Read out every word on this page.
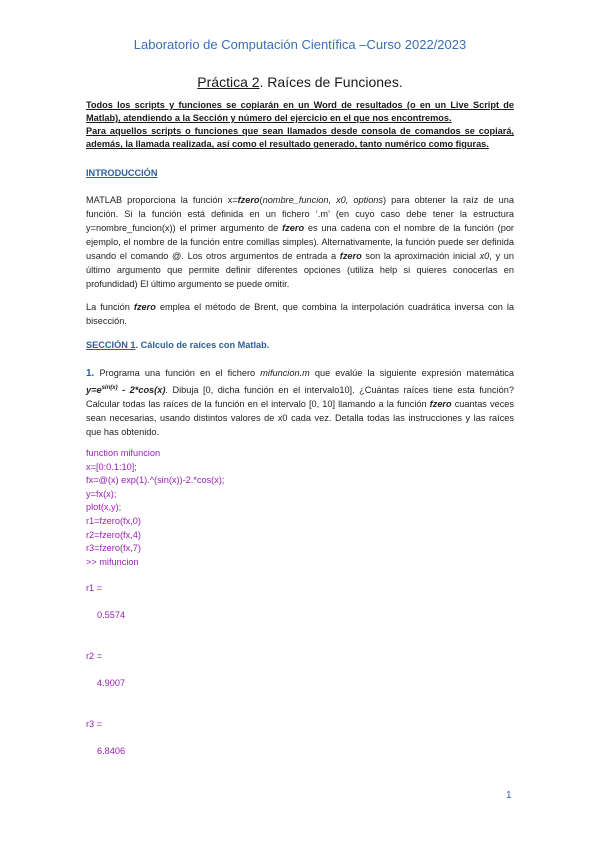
Laboratorio de Computación Científica –Curso 2022/2023
Práctica 2. Raíces de Funciones.
Todos los scripts y funciones se copiarán en un Word de resultados (o en un Live Script de Matlab), atendiendo a la Sección y número del ejercicio en el que nos encontremos.
Para aquellos scripts o funciones que sean llamados desde consola de comandos se copiará, además, la llamada realizada, así como el resultado generado, tanto numérico como figuras.
INTRODUCCIÓN
MATLAB proporciona la función x=fzero(nombre_funcion, x0, options) para obtener la raíz de una función. Si la función está definida en un fichero ‘.m’ (en cuyo caso debe tener la estructura y=nombre_funcion(x)) el primer argumento de fzero es una cadena con el nombre de la función (por ejemplo, el nombre de la función entre comillas simples). Alternativamente, la función puede ser definida usando el comando @. Los otros argumentos de entrada a fzero son la aproximación inicial x0, y un último argumento que permite definir diferentes opciones (utiliza help si quieres conocerlas en profundidad) El último argumento se puede omitir.
La función fzero emplea el método de Brent, que combina la interpolación cuadrática inversa con la bisección.
SECCIÓN 1. Cálculo de raíces con Matlab.
1. Programa una función en el fichero mifuncion.m que evalúe la siguiente expresión matemática $y=e^{sin(x)} - 2*\cos(x)$. Dibuja [0, dicha función en el intervalo10]. ¿Cuántas raíces tiene esta función? Calcular todas las raíces de la función en el intervalo [0, 10] llamando a la función fzero cuantas veces sean necesarias, usando distintos valores de x0 cada vez. Detalla todas las instrucciones y las raíces que has obtenido.
function mifuncion
x=[0:0.1:10];
fx=@(x) exp(1).^(sin(x))-2.*cos(x);
y=fx(x);
plot(x,y);
r1=fzero(fx,0)
r2=fzero(fx,4)
r3=fzero(fx,7)
>> mifuncion
r1 =
0.5574
r2 =
4.9007
r3 =
6.8406
1
